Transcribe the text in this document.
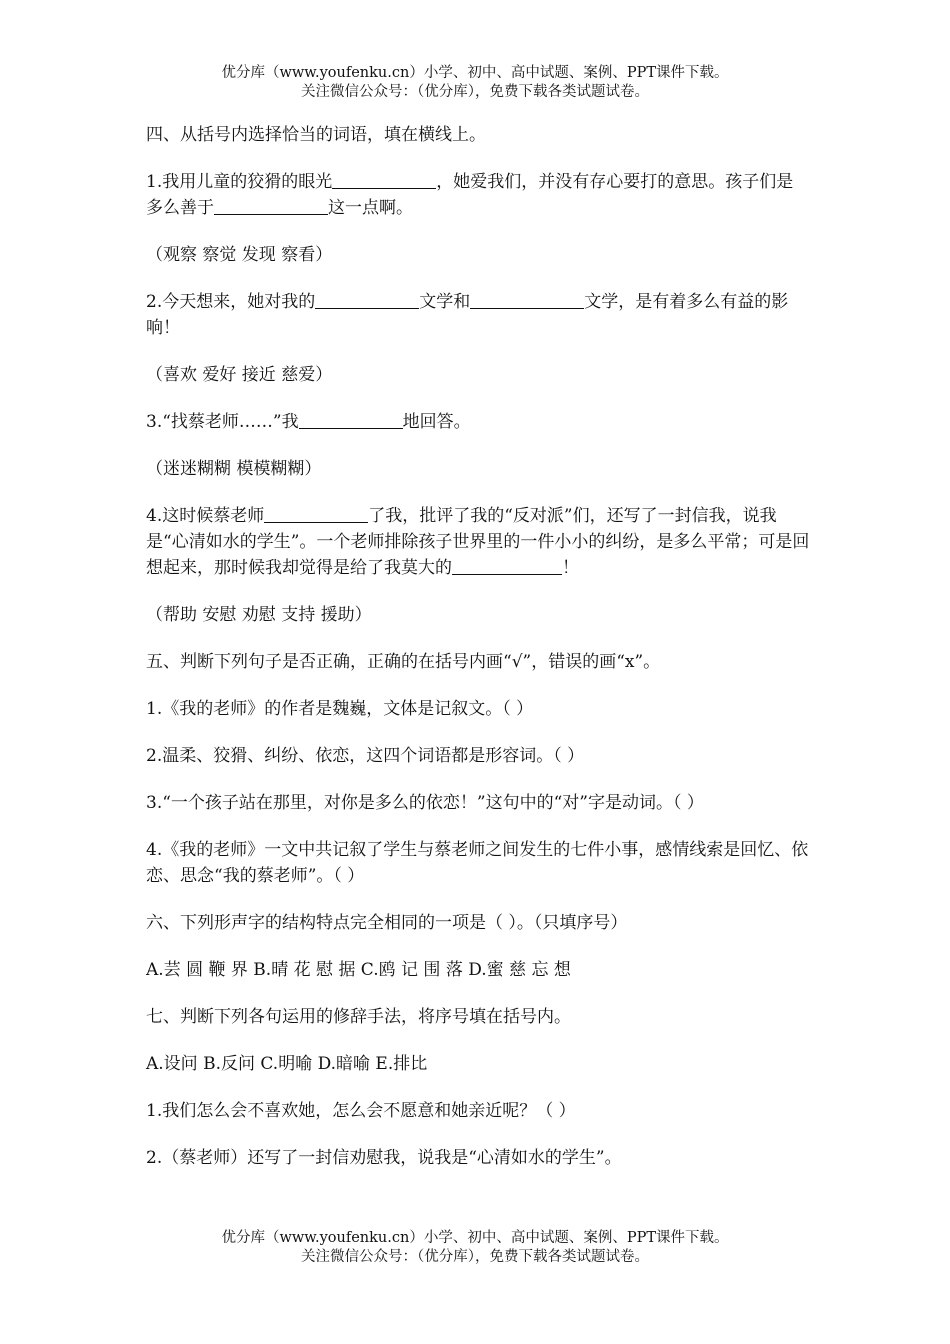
优分库（www.youfenku.cn）小学、初中、高中试题、案例、PPT课件下载。
关注微信公众号：（优分库），免费下载各类试题试卷。

四、从括号内选择恰当的词语，填在横线上。

1.我用儿童的狡猾的眼光	，她爱我们，并没有存心要打的意思。孩子们是多么善于	这一点啊。

（观察 察觉 发现 察看）

2.今天想来，她对我的	文学和	文学，是有着多么有益的影响！

（喜欢 爱好 接近 慈爱）

3.“找蔡老师……”我	地回答。

（迷迷糊糊 模模糊糊）

4.这时候蔡老师	了我，批评了我的“反对派”们，还写了一封信我，说我是“心清如水的学生”。一个老师排除孩子世界里的一件小小的纠纷，是多么平常；可是回想起来，那时候我却觉得是给了我莫大的	！

（帮助 安慰 劝慰 支持 援助）

五、判断下列句子是否正确，正确的在括号内画“√”，错误的画“x”。

1.《我的老师》的作者是魏巍，文体是记叙文。（ ）

2.温柔、狡猾、纠纷、依恋，这四个词语都是形容词。（ ）

3.“一个孩子站在那里，对你是多么的依恋！”这句中的“对”字是动词。（ ）

4.《我的老师》一文中共记叙了学生与蔡老师之间发生的七件小事，感情线索是回忆、依恋、思念“我的蔡老师”。（ ）

六、下列形声字的结构特点完全相同的一项是（ ）。（只填序号）

A.芸 圆 鞭 界 B.晴 花 慰 据 C.鸥 记 围 落 D.蜜 慈 忘 想

七、判断下列各句运用的修辞手法，将序号填在括号内。

A.设问 B.反问 C.明喻 D.暗喻 E.排比

1.我们怎么会不喜欢她，怎么会不愿意和她亲近呢？（ ）

2.（蔡老师）还写了一封信劝慰我，说我是“心清如水的学生”。

优分库（www.youfenku.cn）小学、初中、高中试题、案例、PPT课件下载。
关注微信公众号：（优分库），免费下载各类试题试卷。
